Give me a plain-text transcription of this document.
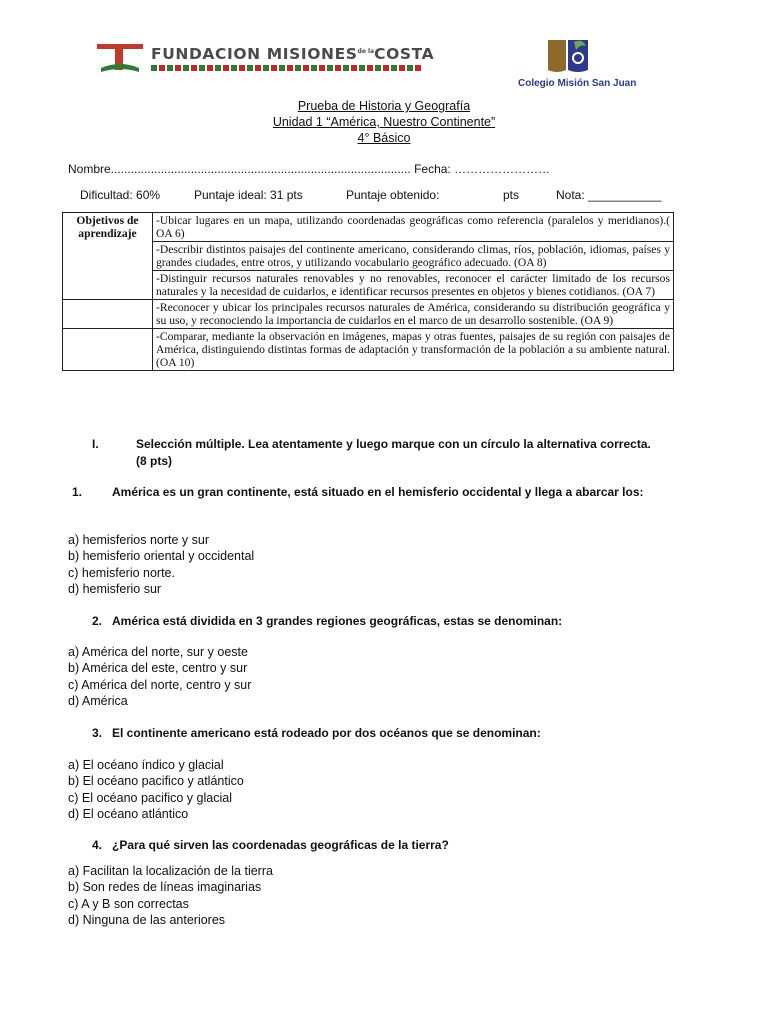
FUNDACION $MISIONES^{de la}COSTA$
Colegio Misión San Juan
Prueba de Historia y Geografía
Unidad 1 “América, Nuestro Continente”
4° Básico
Nombre.......................................................................................... Fecha: ……………………
Dificultad: 60%	Puntaje ideal: 31 pts	Puntaje obtenido:	pts	Nota: ___________
Objetivos de aprendizaje	-Ubicar lugares en un mapa, utilizando coordenadas geográficas como referencia (paralelos y meridianos).( OA 6)
	-Describir distintos paisajes del continente americano, considerando climas, ríos, población, idiomas, países y grandes ciudades, entre otros, y utilizando vocabulario geográfico adecuado. (OA 8)
	-Distinguir recursos naturales renovables y no renovables, reconocer el carácter limitado de los recursos naturales y la necesidad de cuidarlos, e identificar recursos presentes en objetos y bienes cotidianos. (OA 7)
	-Reconocer y ubicar los principales recursos naturales de América, considerando su distribución geográfica y su uso, y reconociendo la importancia de cuidarlos en el marco de un desarrollo sostenible. (OA 9)
	-Comparar, mediante la observación en imágenes, mapas y otras fuentes, paisajes de su región con paisajes de América, distinguiendo distintas formas de adaptación y transformación de la población a su ambiente natural. (OA 10)
I.	Selección múltiple. Lea atentamente y luego marque con un círculo la alternativa correcta. (8 pts)
1. América es un gran continente, está situado en el hemisferio occidental y llega a abarcar los:
a) hemisferios norte y sur
b) hemisferio oriental y occidental
c) hemisferio norte.
d) hemisferio sur
2. América está dividida en 3 grandes regiones geográficas, estas se denominan:
a) América del norte, sur y oeste
b) América del este, centro y sur
c) América del norte, centro y sur
d) América
3. El continente americano está rodeado por dos océanos que se denominan:
a) El océano índico y glacial
b) El océano pacifico y atlántico
c) El océano pacifico y glacial
d) El océano atlántico
4. ¿Para qué sirven las coordenadas geográficas de la tierra?
a) Facilitan la localización de la tierra
b) Son redes de líneas imaginarias
c) A y B son correctas
d) Ninguna de las anteriores
